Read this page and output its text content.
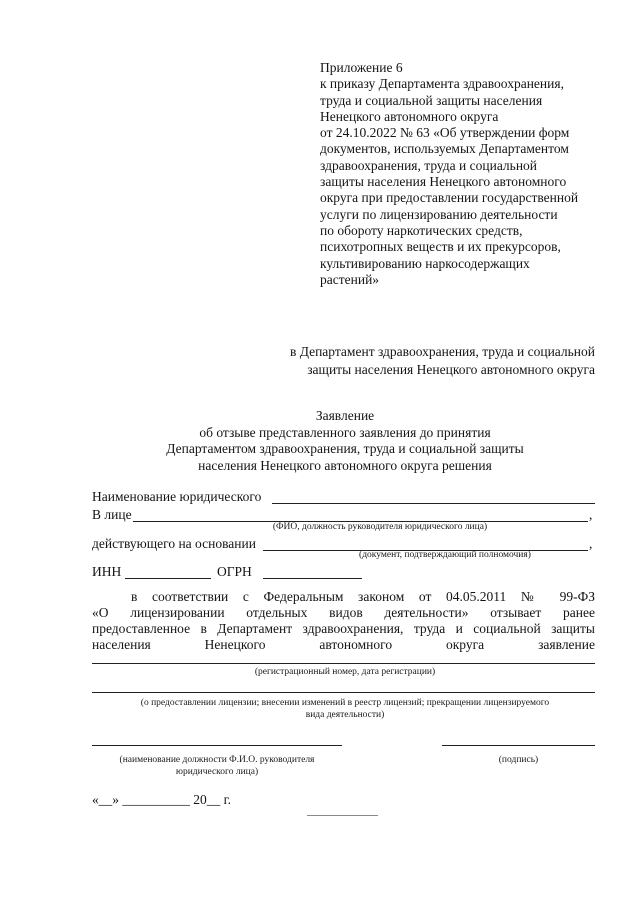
Приложение 6
к приказу Департамента здравоохранения,
труда и социальной защиты населения
Ненецкого автономного округа
от 24.10.2022 № 63 «Об утверждении форм
документов, используемых Департаментом
здравоохранения, труда и социальной
защиты населения Ненецкого автономного
округа при предоставлении государственной
услуги по лицензированию деятельности
по обороту наркотических средств,
психотропных веществ и их прекурсоров,
культивированию наркосодержащих
растений»
в Департамент здравоохранения, труда и социальной
защиты населения Ненецкого автономного округа
Заявление
об отзыве представленного заявления до принятия
Департаментом здравоохранения, труда и социальной защиты
населения Ненецкого автономного округа решения
Наименование юридического
В лице	,
(ФИО, должность руководителя юридического лица)
действующего на основании	,
(документ, подтверждающий полномочия)
ИНН	ОГРН
в соответствии с Федеральным законом от 04.05.2011 № 99-ФЗ
«О лицензировании отдельных видов деятельности» отзывает ранее
предоставленное в Департамент здравоохранения, труда и социальной защиты
населения Ненецкого автономного округа заявление
(регистрационный номер, дата регистрации)
(о предоставлении лицензии; внесении изменений в реестр лицензий; прекращении лицензируемого
вида деятельности)
(наименование должности Ф.И.О. руководителя
юридического лица)
(подпись)
«__» __________ 20__ г.
